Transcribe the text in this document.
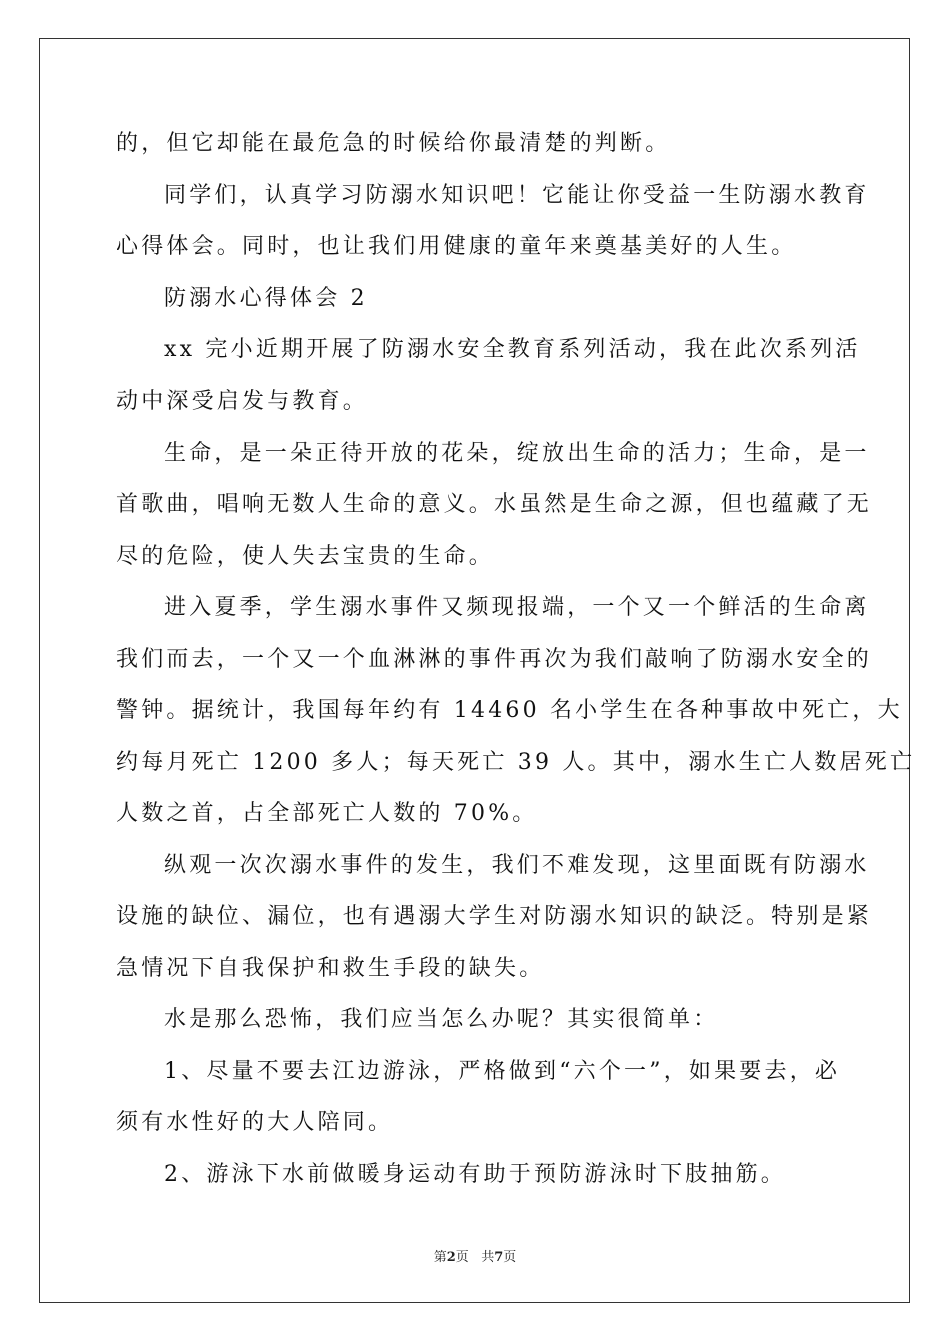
的，但它却能在最危急的时候给你最清楚的判断。
同学们，认真学习防溺水知识吧！它能让你受益一生防溺水教育
心得体会。同时，也让我们用健康的童年来奠基美好的人生。
防溺水心得体会 2
xx 完小近期开展了防溺水安全教育系列活动，我在此次系列活
动中深受启发与教育。
生命，是一朵正待开放的花朵，绽放出生命的活力；生命，是一
首歌曲，唱响无数人生命的意义。水虽然是生命之源，但也蕴藏了无
尽的危险，使人失去宝贵的生命。
进入夏季，学生溺水事件又频现报端，一个又一个鲜活的生命离
我们而去，一个又一个血淋淋的事件再次为我们敲响了防溺水安全的
警钟。据统计，我国每年约有 14460 名小学生在各种事故中死亡，大
约每月死亡 1200 多人；每天死亡 39 人。其中，溺水生亡人数居死亡
人数之首，占全部死亡人数的 70%。
纵观一次次溺水事件的发生，我们不难发现，这里面既有防溺水
设施的缺位、漏位，也有遇溺大学生对防溺水知识的缺泛。特别是紧
急情况下自我保护和救生手段的缺失。
水是那么恐怖，我们应当怎么办呢？其实很简单：
1、尽量不要去江边游泳，严格做到“六个一”，如果要去，必
须有水性好的大人陪同。
2、游泳下水前做暖身运动有助于预防游泳时下肢抽筋。
第2页 共7页
